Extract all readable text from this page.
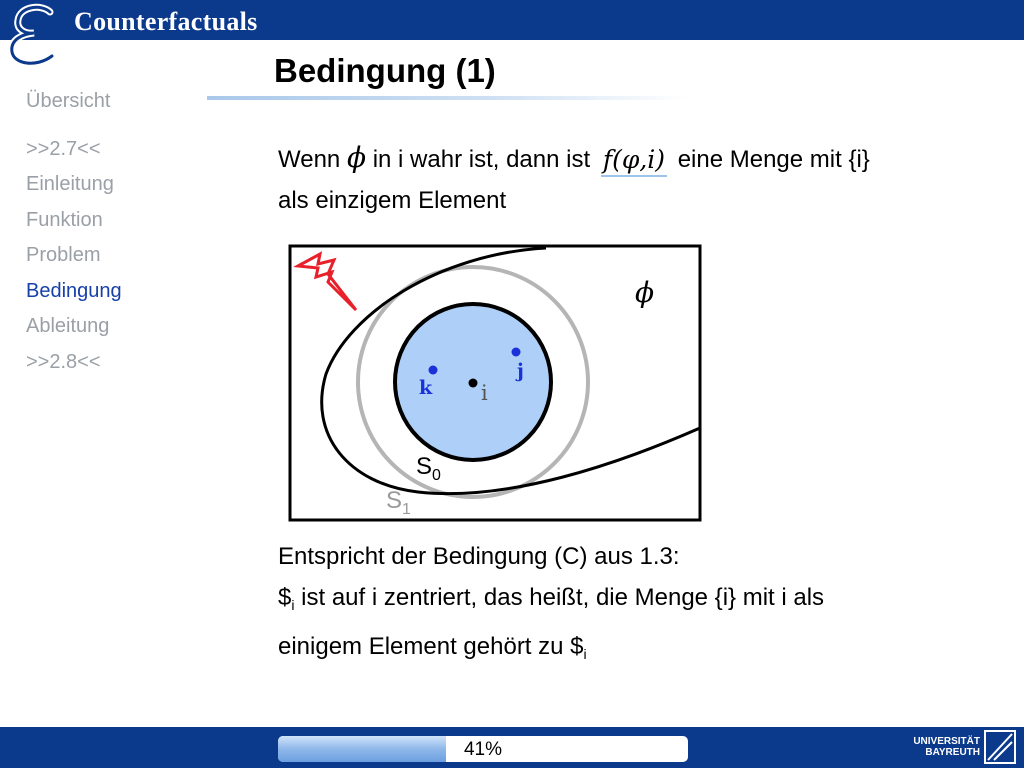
Counterfactuals
Übersicht
>>2.7<<
Einleitung
Funktion
Problem
Bedingung
Ableitung
>>2.8<<
Bedingung (1)
Wenn ϕ in i wahr ist, dann ist f(φ,i) eine Menge mit {i}
als einzigem Element
ϕ
k
j
i
$S_0$
$S_1$
Entspricht der Bedingung (C) aus 1.3:
$\$_i$ ist auf i zentriert, das heißt, die Menge {i} mit i als
einigem Element gehört zu $\$_i$
41%	UNIVERSITÄT
BAYREUTH
